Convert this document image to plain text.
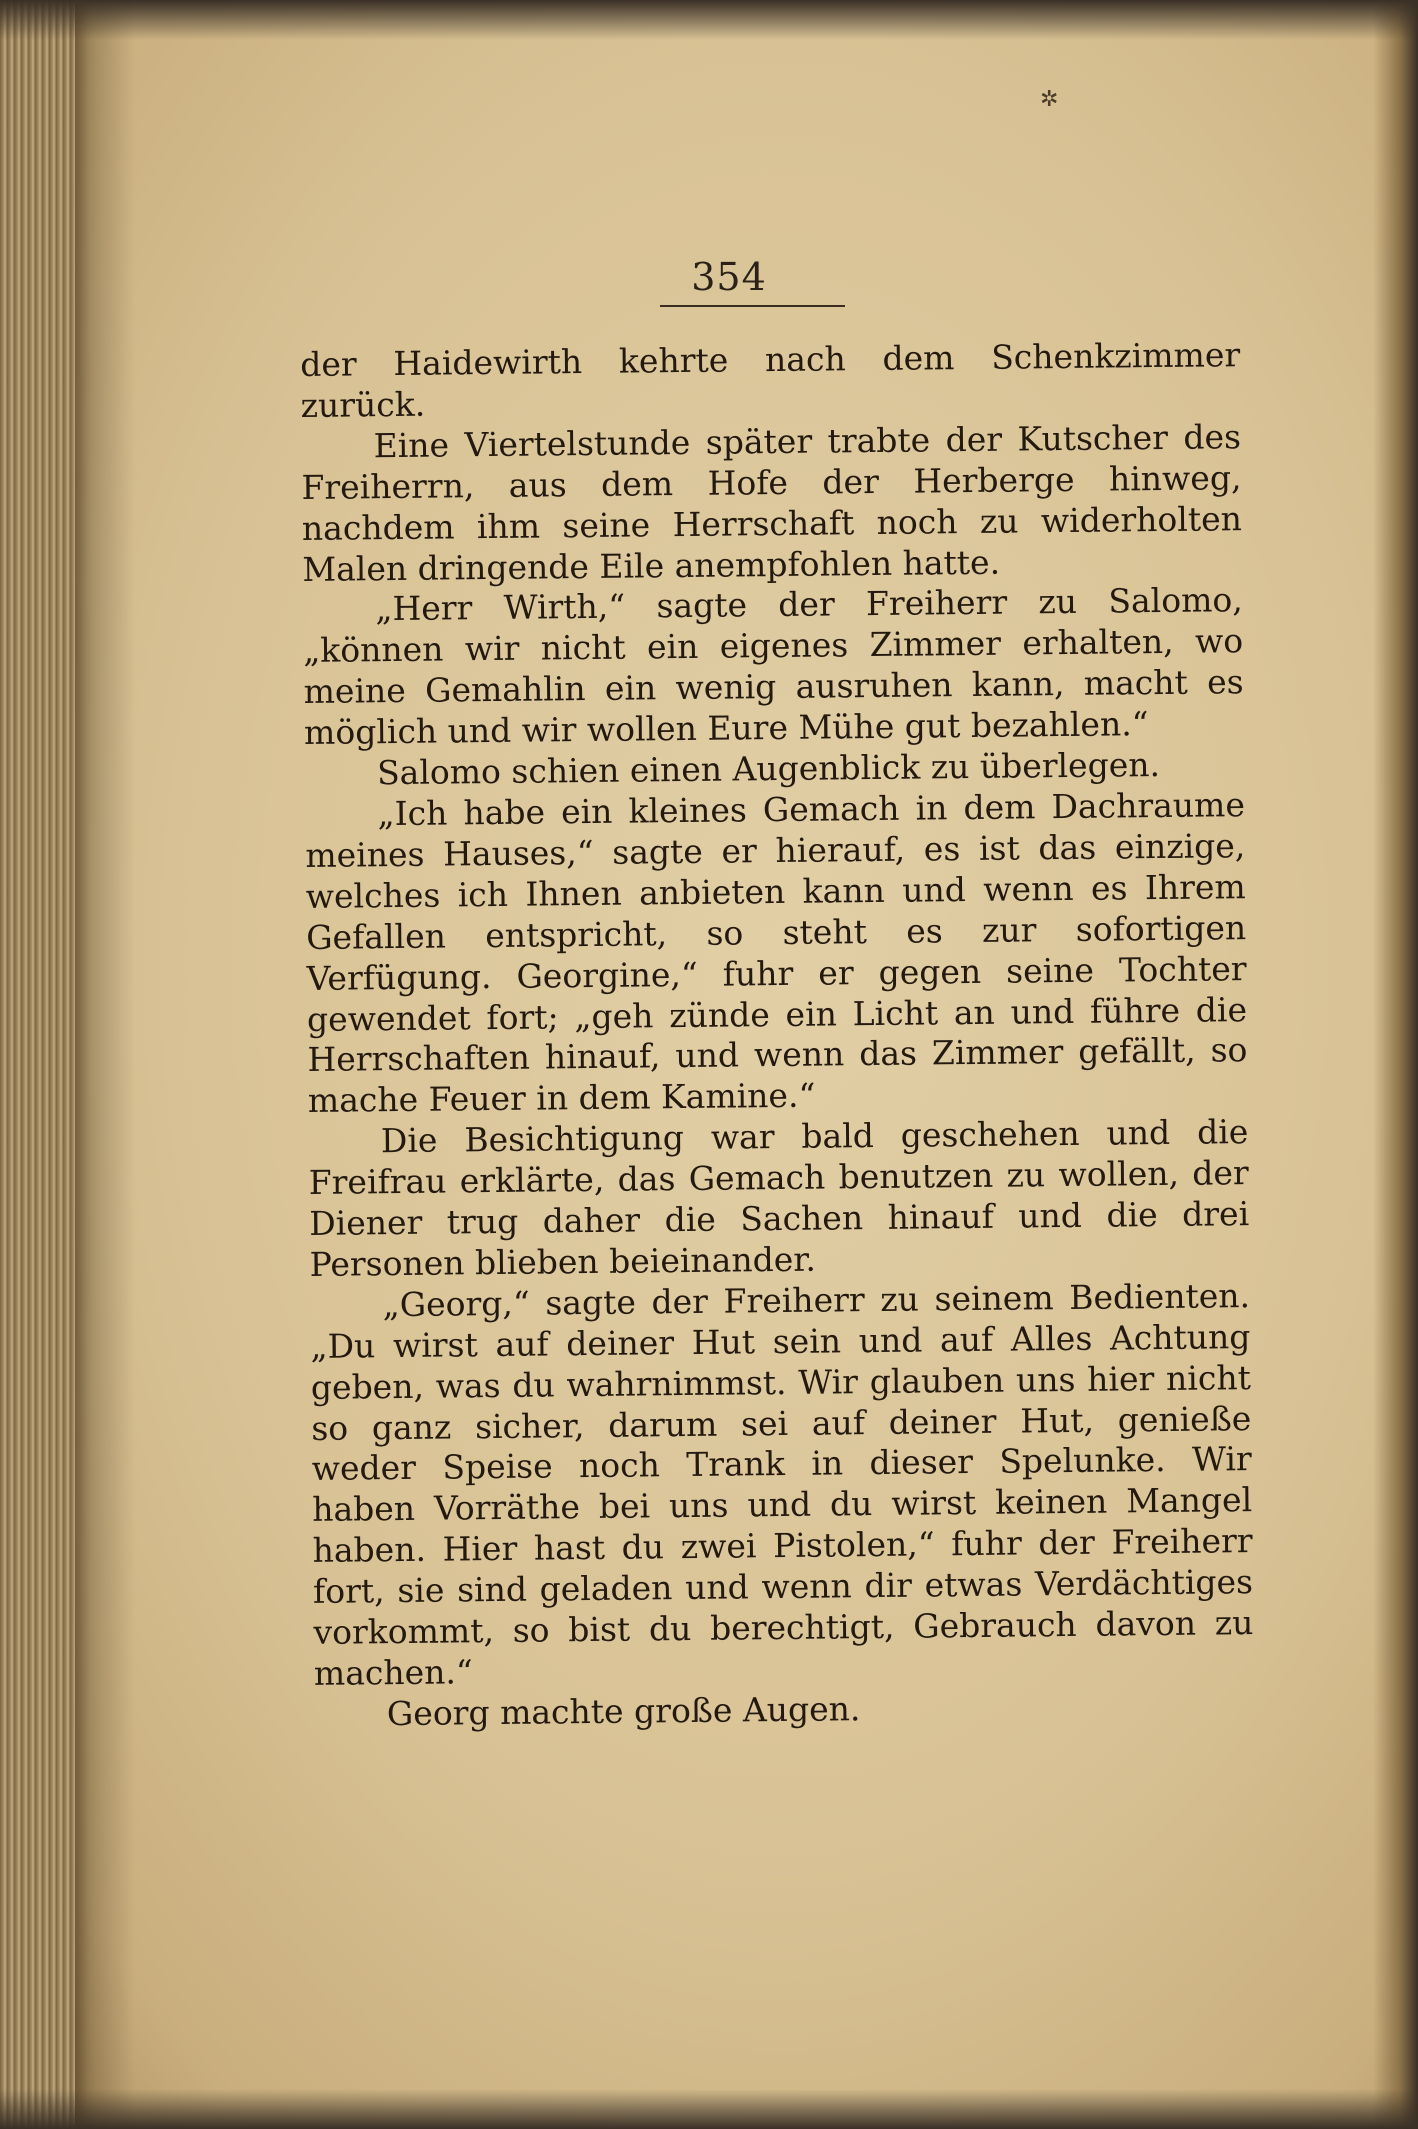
✲
354

der Haidewirth kehrte nach dem Schenkzimmer zurück.

Eine Viertelstunde später trabte der Kutscher des Freiherrn, aus dem Hofe der Herberge hinweg, nachdem ihm seine Herrschaft noch zu widerholten Malen dringende Eile anempfohlen hatte.

„Herr Wirth,“ sagte der Freiherr zu Salomo, „können wir nicht ein eigenes Zimmer erhalten, wo meine Gemahlin ein wenig ausruhen kann, macht es möglich und wir wollen Eure Mühe gut bezahlen.“

Salomo schien einen Augenblick zu überlegen.

„Ich habe ein kleines Gemach in dem Dachraume meines Hauses,“ sagte er hierauf, es ist das einzige, welches ich Ihnen anbieten kann und wenn es Ihrem Gefallen entspricht, so steht es zur sofortigen Verfügung. Georgine,“ fuhr er gegen seine Tochter gewendet fort; „geh zünde ein Licht an und führe die Herrschaften hinauf, und wenn das Zimmer gefällt, so mache Feuer in dem Kamine.“

Die Besichtigung war bald geschehen und die Freifrau erklärte, das Gemach benutzen zu wollen, der Diener trug daher die Sachen hinauf und die drei Personen blieben beieinander.

„Georg,“ sagte der Freiherr zu seinem Bedienten. „Du wirst auf deiner Hut sein und auf Alles Achtung geben, was du wahrnimmst. Wir glauben uns hier nicht so ganz sicher, darum sei auf deiner Hut, genieße weder Speise noch Trank in dieser Spelunke. Wir haben Vorräthe bei uns und du wirst keinen Mangel haben. Hier hast du zwei Pistolen,“ fuhr der Freiherr fort, sie sind geladen und wenn dir etwas Verdächtiges vorkommt, so bist du berechtigt, Gebrauch davon zu machen.“

Georg machte große Augen.
